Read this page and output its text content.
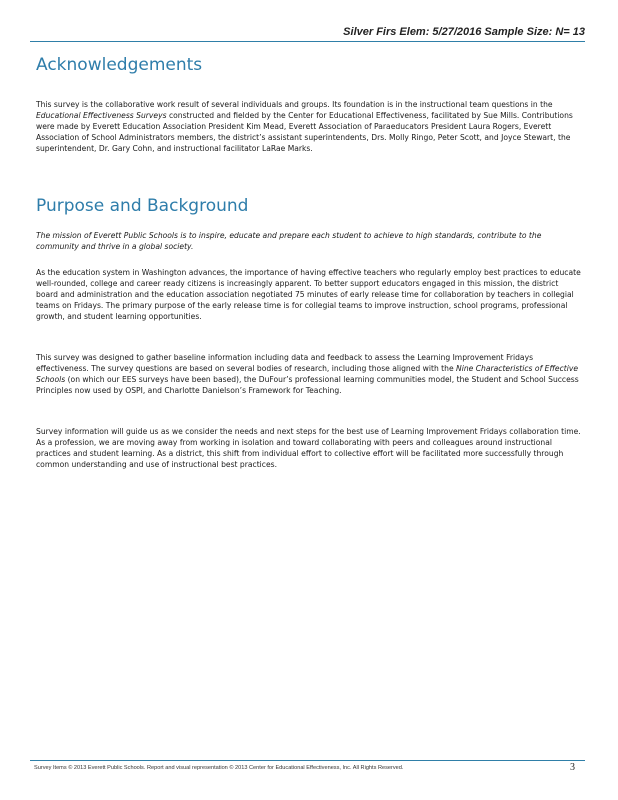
Silver Firs Elem: 5/27/2016 Sample Size: N= 13
Acknowledgements

This survey is the collaborative work result of several individuals and groups. Its foundation is in the instructional team questions in the Educational Effectiveness Surveys constructed and fielded by the Center for Educational Effectiveness, facilitated by Sue Mills. Contributions were made by Everett Education Association President Kim Mead, Everett Association of Paraeducators President Laura Rogers, Everett Association of School Administrators members, the district’s assistant superintendents, Drs. Molly Ringo, Peter Scott, and Joyce Stewart, the superintendent, Dr. Gary Cohn, and instructional facilitator LaRae Marks.

Purpose and Background

The mission of Everett Public Schools is to inspire, educate and prepare each student to achieve to high standards, contribute to the community and thrive in a global society.

As the education system in Washington advances, the importance of having effective teachers who regularly employ best practices to educate well-rounded, college and career ready citizens is increasingly apparent. To better support educators engaged in this mission, the district board and administration and the education association negotiated 75 minutes of early release time for collaboration by teachers in collegial teams on Fridays. The primary purpose of the early release time is for collegial teams to improve instruction, school programs, professional growth, and student learning opportunities.

This survey was designed to gather baseline information including data and feedback to assess the Learning Improvement Fridays effectiveness. The survey questions are based on several bodies of research, including those aligned with the Nine Characteristics of Effective Schools (on which our EES surveys have been based), the DuFour’s professional learning communities model, the Student and School Success Principles now used by OSPI, and Charlotte Danielson’s Framework for Teaching.

Survey information will guide us as we consider the needs and next steps for the best use of Learning Improvement Fridays collaboration time. As a profession, we are moving away from working in isolation and toward collaborating with peers and colleagues around instructional practices and student learning. As a district, this shift from individual effort to collective effort will be facilitated more successfully through common understanding and use of instructional best practices.

Survey Items © 2013 Everett Public Schools. Report and visual representation © 2013 Center for Educational Effectiveness, Inc. All Rights Reserved.	3
